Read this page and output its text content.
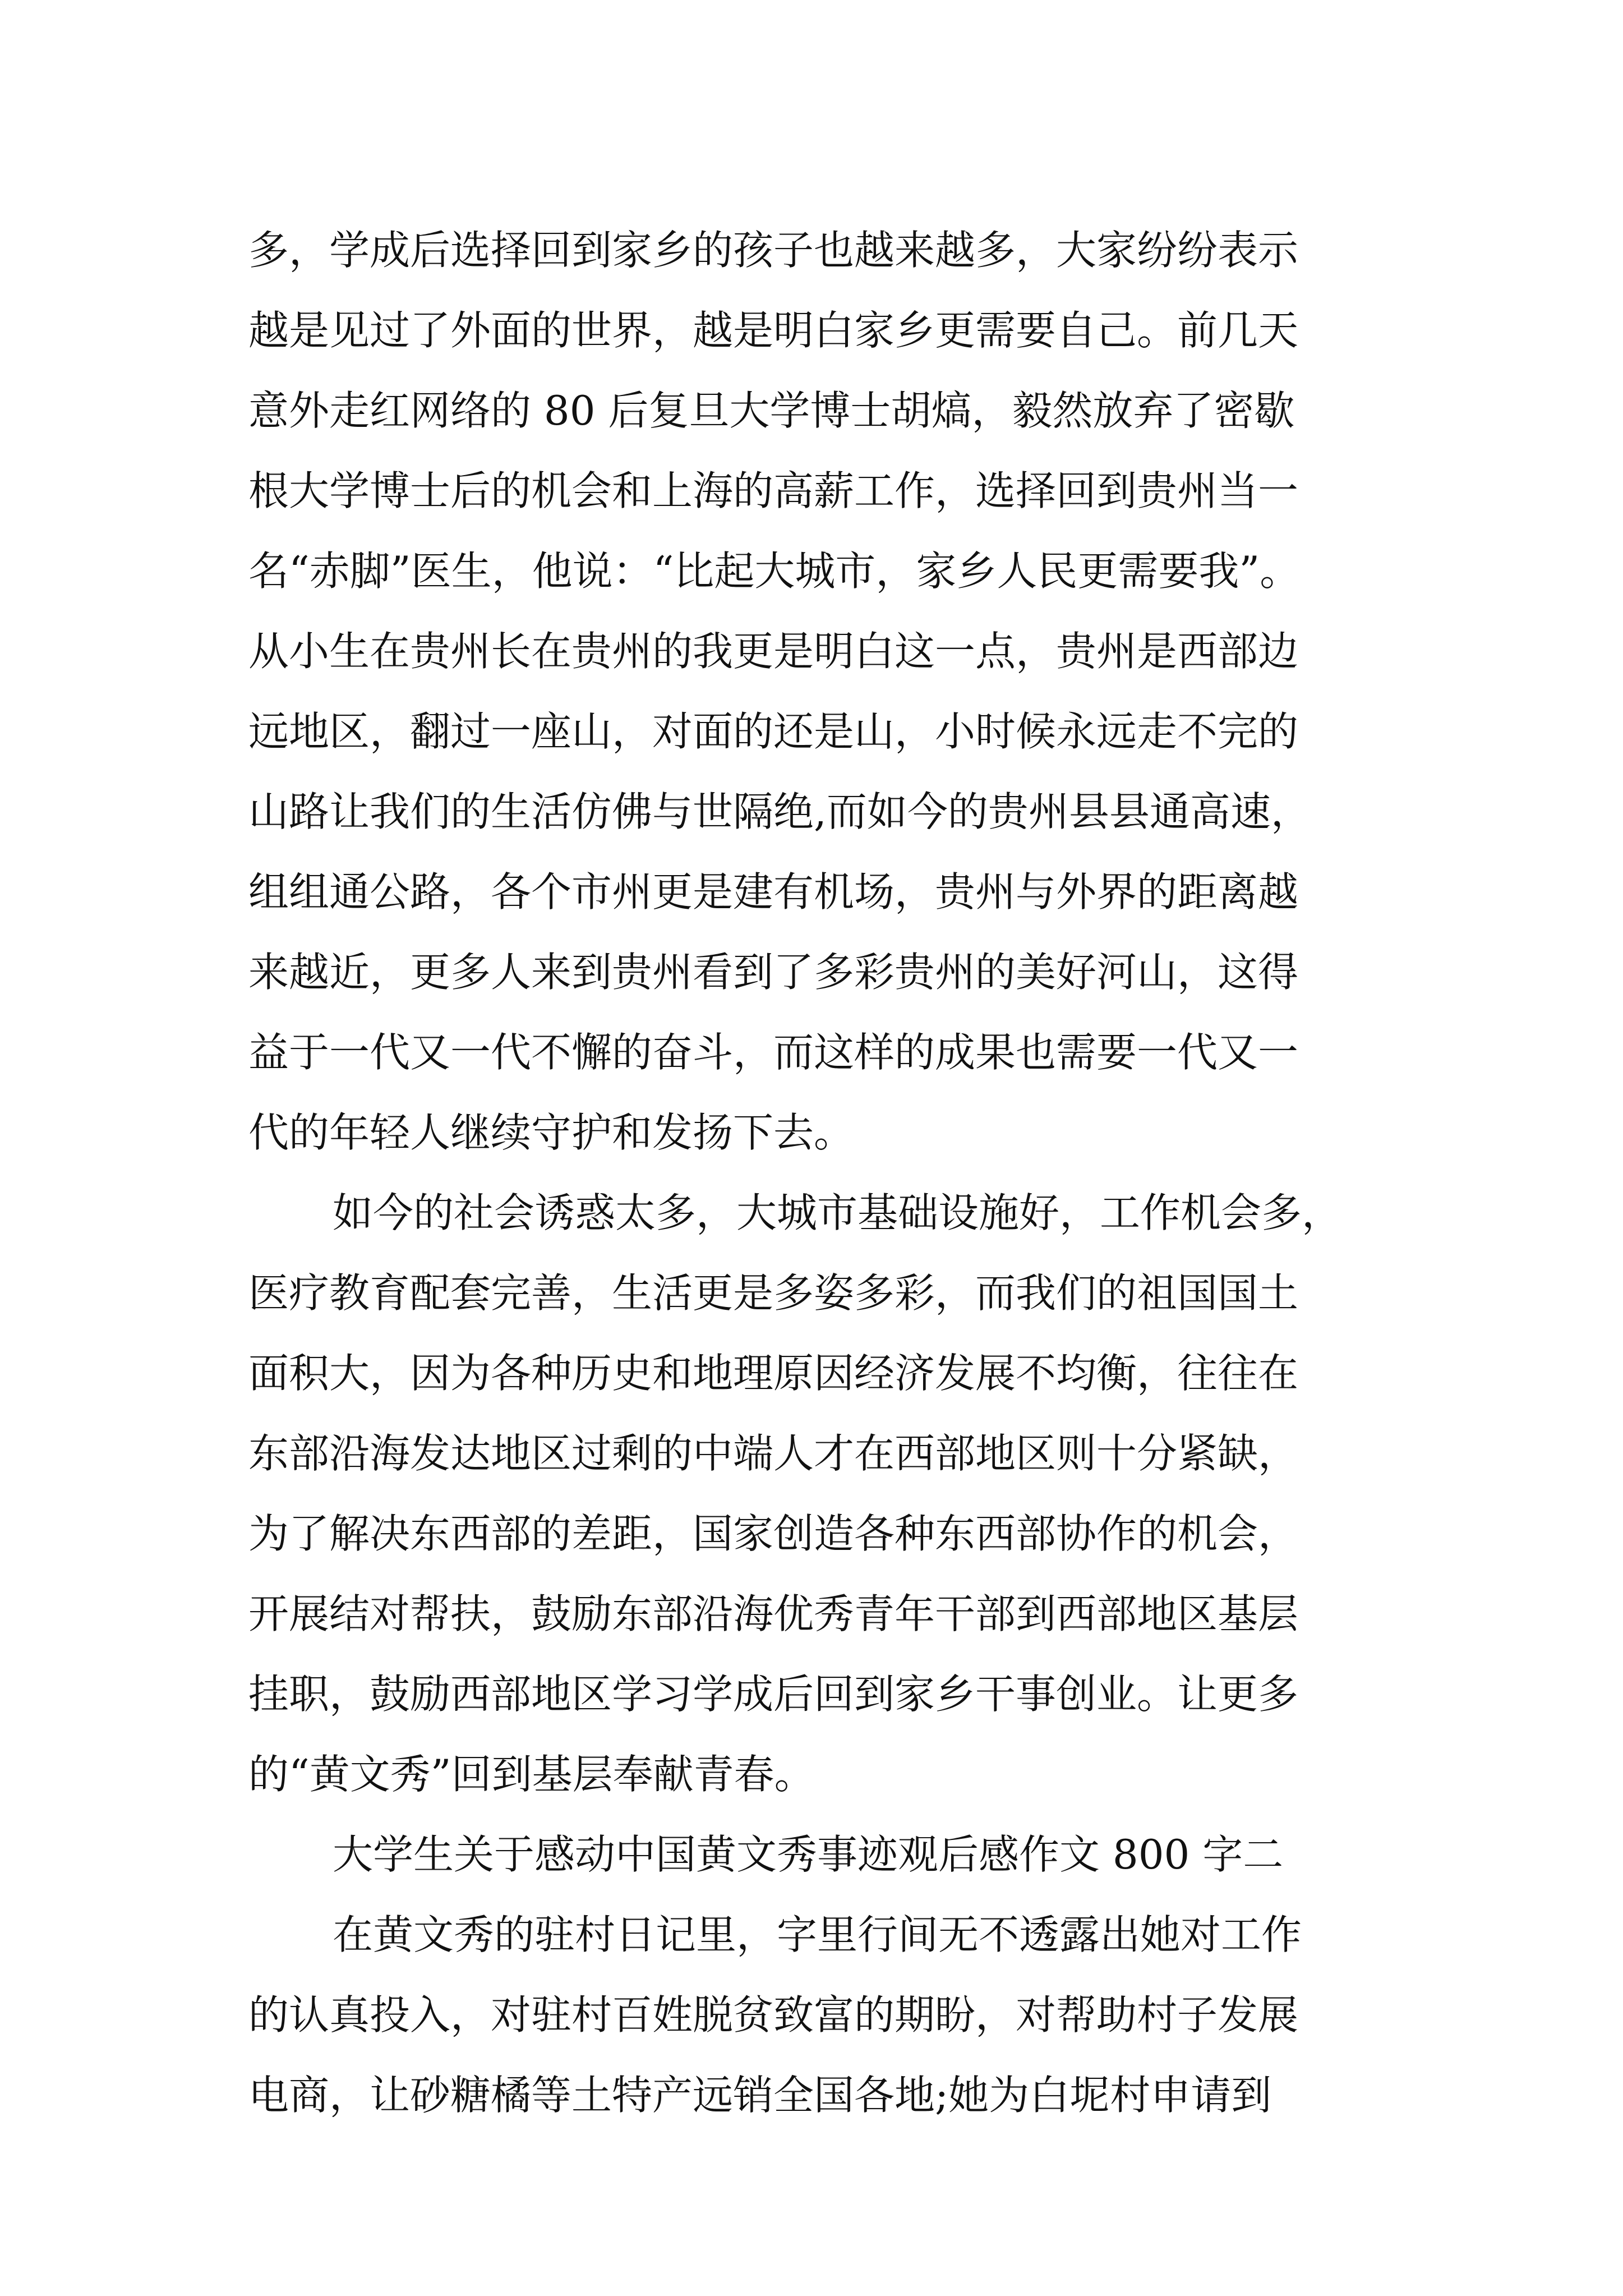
多，学成后选择回到家乡的孩子也越来越多，大家纷纷表示
越是见过了外面的世界，越是明白家乡更需要自己。前几天
意外走红网络的 80 后复旦大学博士胡熇，毅然放弃了密歇
根大学博士后的机会和上海的高薪工作，选择回到贵州当一
名“赤脚”医生，他说：“比起大城市，家乡人民更需要我”。
从小生在贵州长在贵州的我更是明白这一点，贵州是西部边
远地区，翻过一座山，对面的还是山，小时候永远走不完的
山路让我们的生活仿佛与世隔绝,而如今的贵州县县通高速，
组组通公路，各个市州更是建有机场，贵州与外界的距离越
来越近，更多人来到贵州看到了多彩贵州的美好河山，这得
益于一代又一代不懈的奋斗，而这样的成果也需要一代又一
代的年轻人继续守护和发扬下去。
如今的社会诱惑太多，大城市基础设施好，工作机会多，
医疗教育配套完善，生活更是多姿多彩，而我们的祖国国土
面积大，因为各种历史和地理原因经济发展不均衡，往往在
东部沿海发达地区过剩的中端人才在西部地区则十分紧缺，
为了解决东西部的差距，国家创造各种东西部协作的机会，
开展结对帮扶，鼓励东部沿海优秀青年干部到西部地区基层
挂职，鼓励西部地区学习学成后回到家乡干事创业。让更多
的“黄文秀”回到基层奉献青春。
大学生关于感动中国黄文秀事迹观后感作文 800 字二
在黄文秀的驻村日记里，字里行间无不透露出她对工作
的认真投入，对驻村百姓脱贫致富的期盼，对帮助村子发展
电商，让砂糖橘等土特产远销全国各地;她为白坭村申请到
